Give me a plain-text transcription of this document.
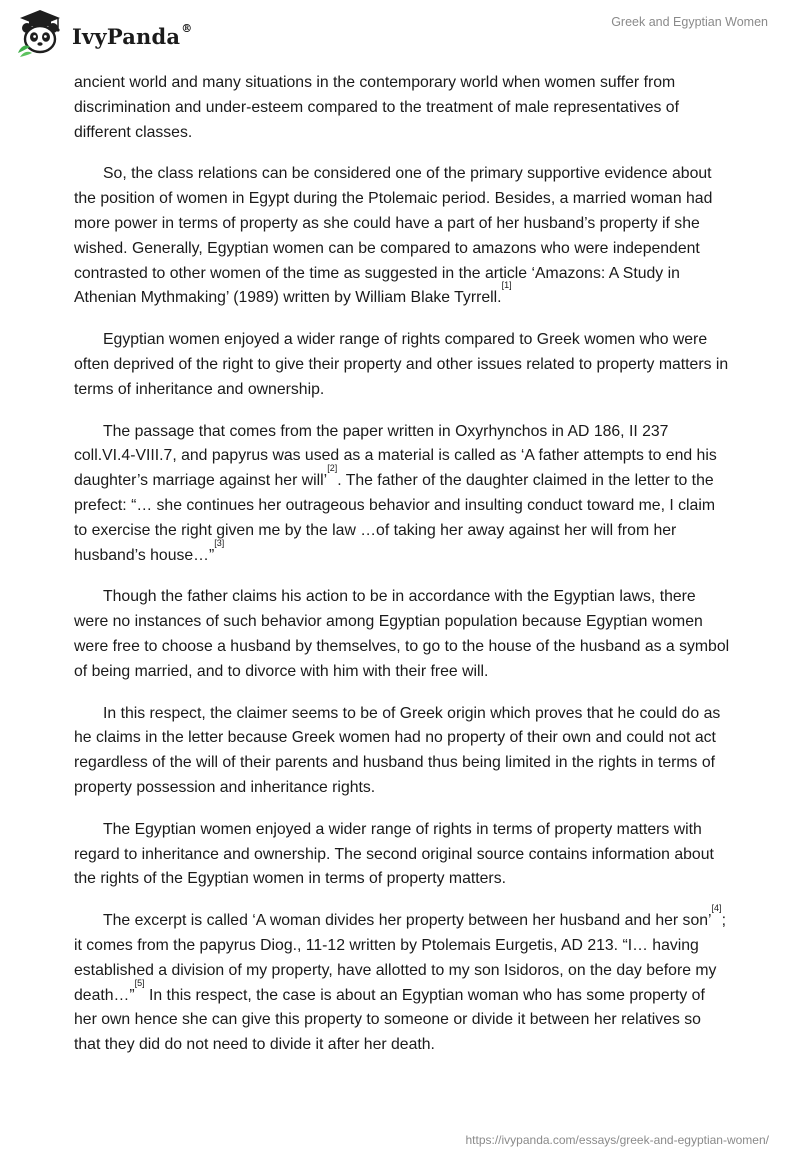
IvyPanda®	Greek and Egyptian Women

ancient world and many situations in the contemporary world when women suffer from discrimination and under-esteem compared to the treatment of male representatives of different classes.

So, the class relations can be considered one of the primary supportive evidence about the position of women in Egypt during the Ptolemaic period. Besides, a married woman had more power in terms of property as she could have a part of her husband’s property if she wished. Generally, Egyptian women can be compared to amazons who were independent contrasted to other women of the time as suggested in the article ‘Amazons: A Study in Athenian Mythmaking’ (1989) written by William Blake Tyrrell.[1]

Egyptian women enjoyed a wider range of rights compared to Greek women who were often deprived of the right to give their property and other issues related to property matters in terms of inheritance and ownership.

The passage that comes from the paper written in Oxyrhynchos in AD 186, II 237 coll.VI.4-VIII.7, and papyrus was used as a material is called as ‘A father attempts to end his daughter’s marriage against her will’[2]. The father of the daughter claimed in the letter to the prefect: “… she continues her outrageous behavior and insulting conduct toward me, I claim to exercise the right given me by the law …of taking her away against her will from her husband’s house…”[3]

Though the father claims his action to be in accordance with the Egyptian laws, there were no instances of such behavior among Egyptian population because Egyptian women were free to choose a husband by themselves, to go to the house of the husband as a symbol of being married, and to divorce with him with their free will.

In this respect, the claimer seems to be of Greek origin which proves that he could do as he claims in the letter because Greek women had no property of their own and could not act regardless of the will of their parents and husband thus being limited in the rights in terms of property possession and inheritance rights.

The Egyptian women enjoyed a wider range of rights in terms of property matters with regard to inheritance and ownership. The second original source contains information about the rights of the Egyptian women in terms of property matters.

The excerpt is called ‘A woman divides her property between her husband and her son’[4]; it comes from the papyrus Diog., 11-12 written by Ptolemais Eurgetis, AD 213. “I… having established a division of my property, have allotted to my son Isidoros, on the day before my death…”[5] In this respect, the case is about an Egyptian woman who has some property of her own hence she can give this property to someone or divide it between her relatives so that they did do not need to divide it after her death.

https://ivypanda.com/essays/greek-and-egyptian-women/
